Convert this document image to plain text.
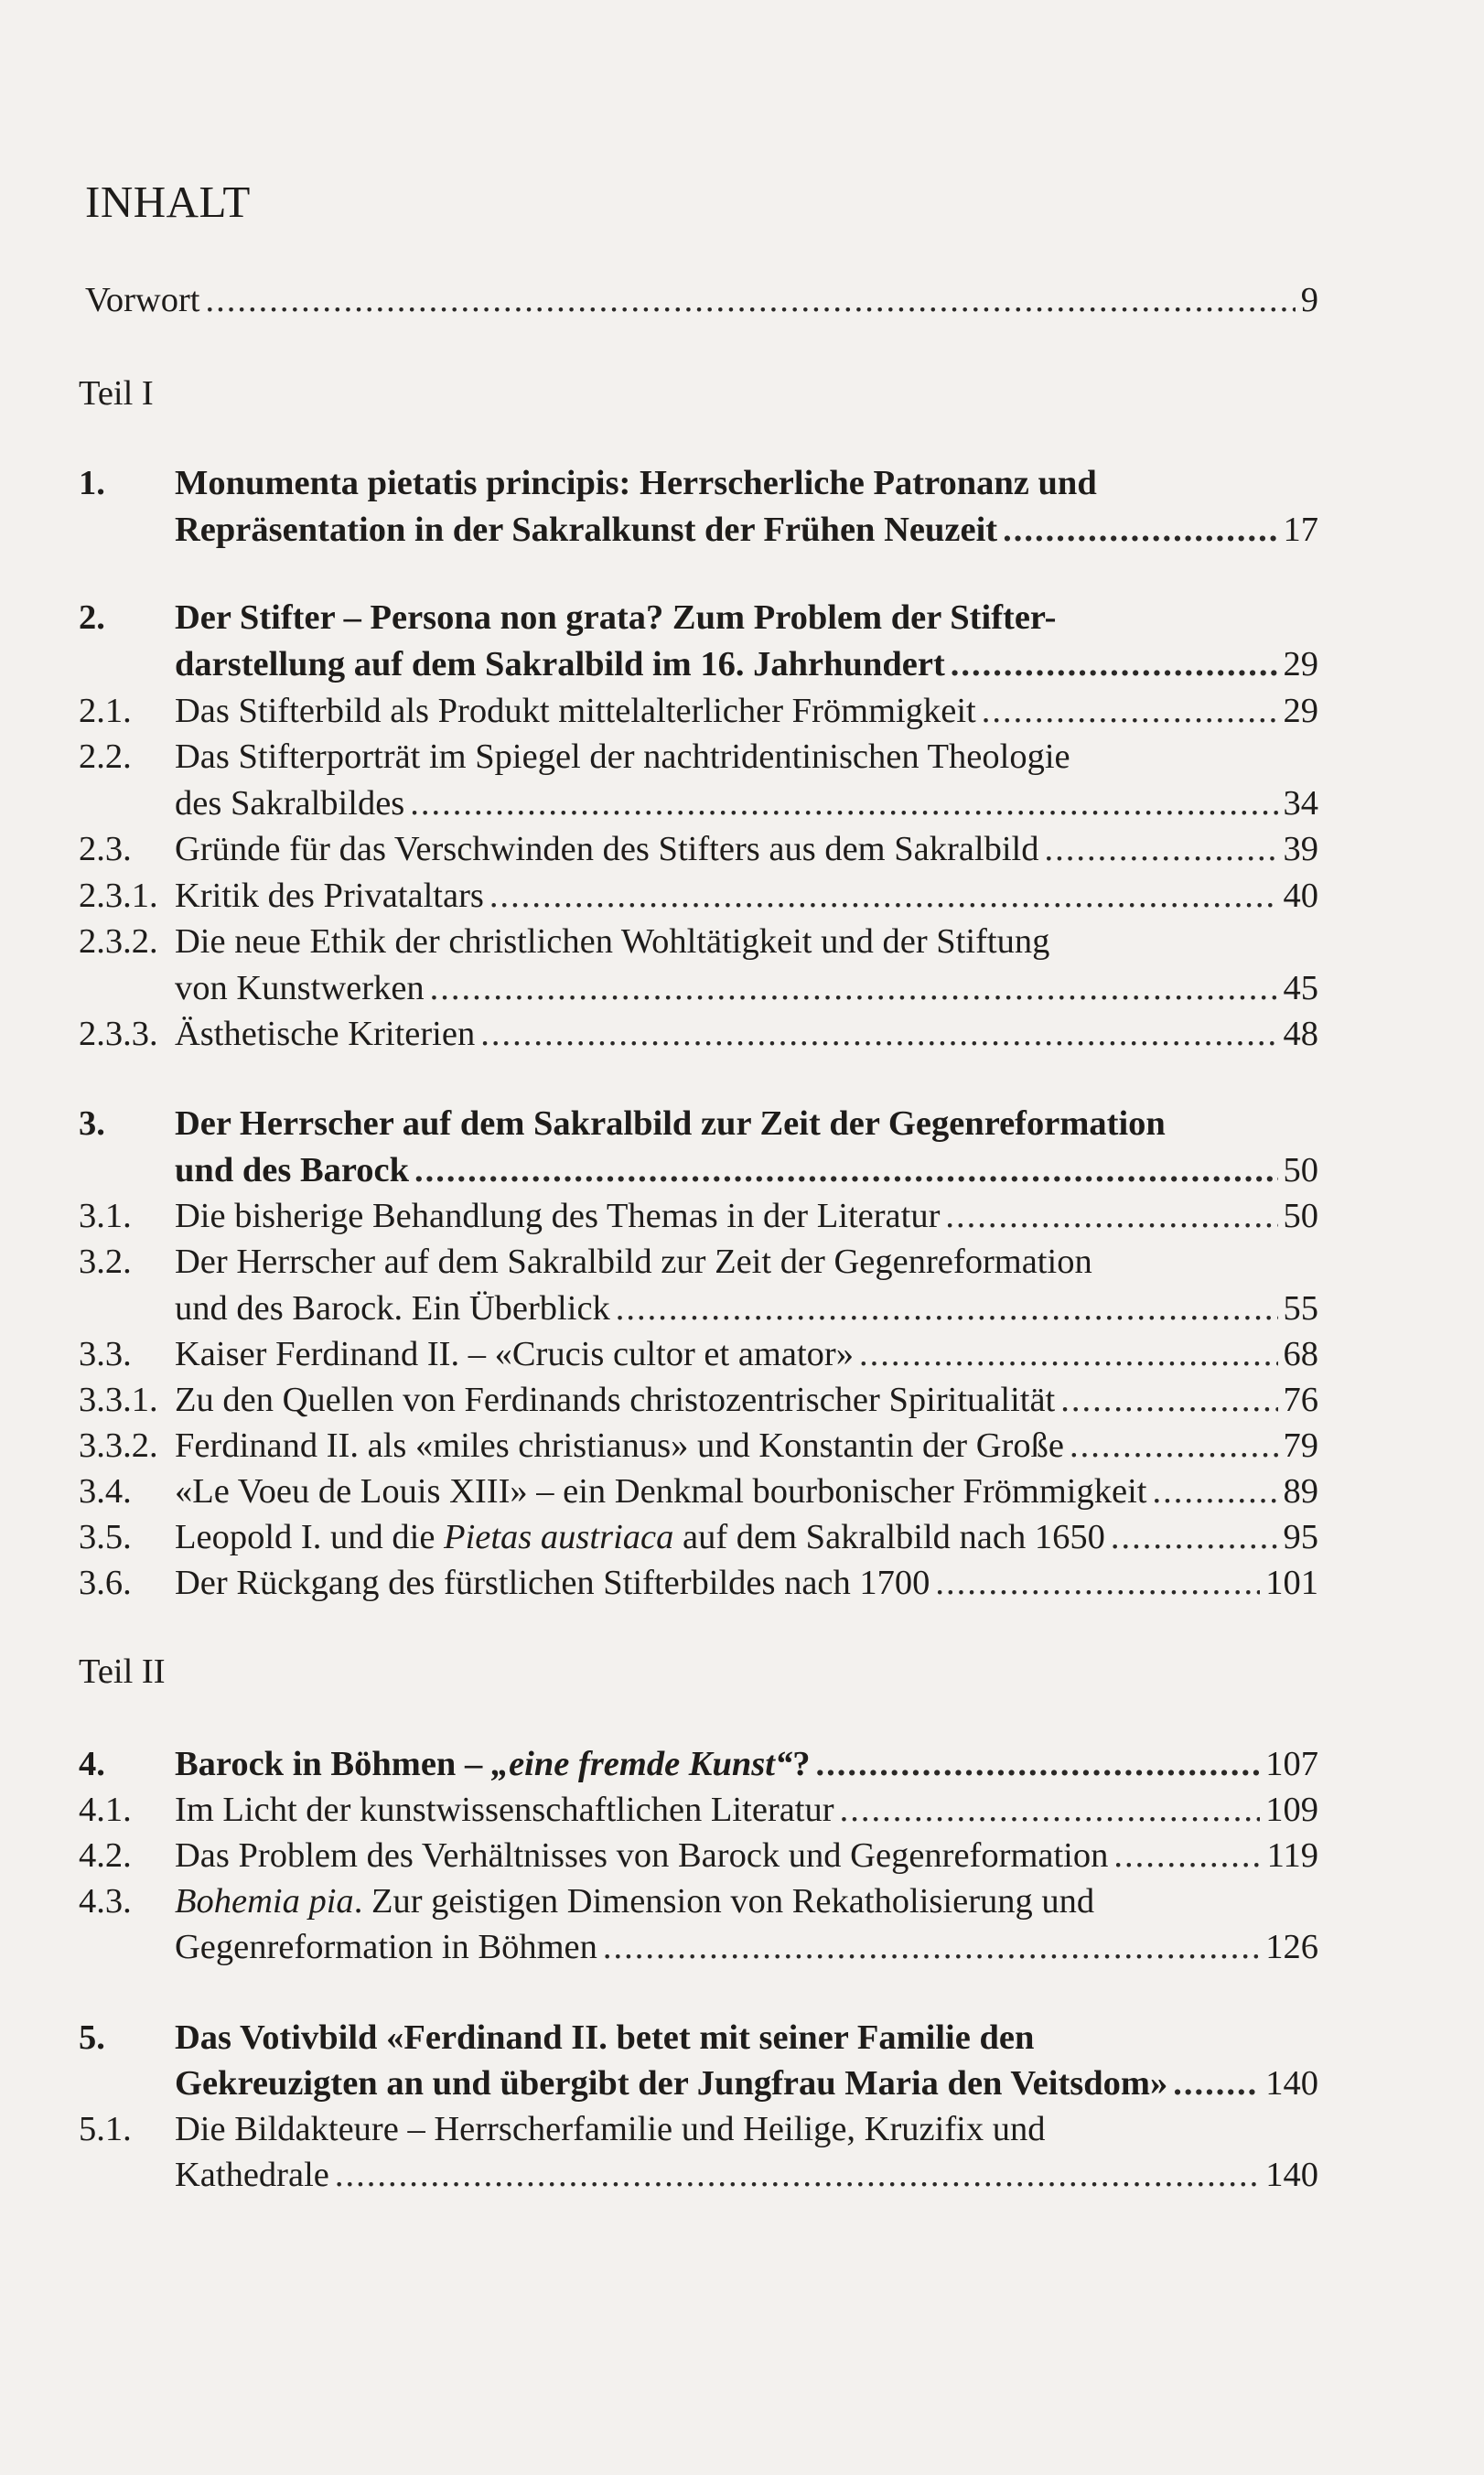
INHALT
Vorwort .....	9
Teil I
1. Monumenta pietatis principis: Herrscherliche Patronanz und
Repräsentation in der Sakralkunst der Frühen Neuzeit .....	17
2. Der Stifter – Persona non grata? Zum Problem der Stifter-
darstellung auf dem Sakralbild im 16. Jahrhundert .....	29
2.1. Das Stifterbild als Produkt mittelalterlicher Frömmigkeit .....	29
2.2. Das Stifterporträt im Spiegel der nachtridentinischen Theologie
des Sakralbildes .....	34
2.3. Gründe für das Verschwinden des Stifters aus dem Sakralbild .....	39
2.3.1. Kritik des Privataltars .....	40
2.3.2. Die neue Ethik der christlichen Wohltätigkeit und der Stiftung
von Kunstwerken .....	45
2.3.3. Ästhetische Kriterien .....	48
3. Der Herrscher auf dem Sakralbild zur Zeit der Gegenreformation
und des Barock .....	50
3.1. Die bisherige Behandlung des Themas in der Literatur .....	50
3.2. Der Herrscher auf dem Sakralbild zur Zeit der Gegenreformation
und des Barock. Ein Überblick .....	55
3.3. Kaiser Ferdinand II. – «Crucis cultor et amator» .....	68
3.3.1. Zu den Quellen von Ferdinands christozentrischer Spiritualität .....	76
3.3.2. Ferdinand II. als «miles christianus» und Konstantin der Große .....	79
3.4. «Le Voeu de Louis XIII» – ein Denkmal bourbonischer Frömmigkeit .....	89
3.5. Leopold I. und die Pietas austriaca auf dem Sakralbild nach 1650 .....	95
3.6. Der Rückgang des fürstlichen Stifterbildes nach 1700 .....	101
Teil II
4. Barock in Böhmen – „eine fremde Kunst“? .....	107
4.1. Im Licht der kunstwissenschaftlichen Literatur .....	109
4.2. Das Problem des Verhältnisses von Barock und Gegenreformation .....	119
4.3. Bohemia pia. Zur geistigen Dimension von Rekatholisierung und
Gegenreformation in Böhmen .....	126
5. Das Votivbild «Ferdinand II. betet mit seiner Familie den
Gekreuzigten an und übergibt der Jungfrau Maria den Veitsdom» .....	140
5.1. Die Bildakteure – Herrscherfamilie und Heilige, Kruzifix und
Kathedrale .....	140
